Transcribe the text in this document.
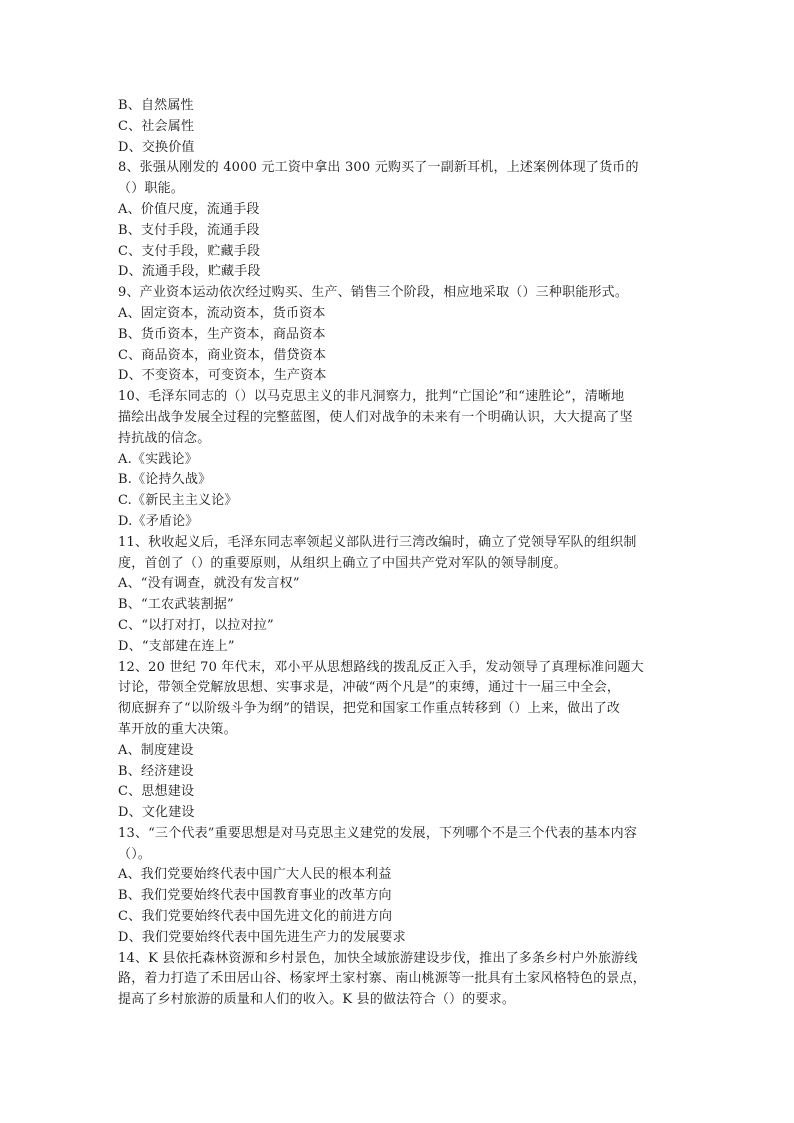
B、自然属性
C、社会属性
D、交换价值
8、张强从刚发的 4000 元工资中拿出 300 元购买了一副新耳机，上述案例体现了货币的
（）职能。
A、价值尺度，流通手段
B、支付手段，流通手段
C、支付手段，贮藏手段
D、流通手段，贮藏手段
9、产业资本运动依次经过购买、生产、销售三个阶段，相应地采取（）三种职能形式。
A、固定资本，流动资本，货币资本
B、货币资本，生产资本，商品资本
C、商品资本，商业资本，借贷资本
D、不变资本，可变资本，生产资本
10、毛泽东同志的（）以马克思主义的非凡洞察力，批判“亡国论”和“速胜论”，清晰地
描绘出战争发展全过程的完整蓝图，使人们对战争的未来有一个明确认识，大大提高了坚
持抗战的信念。
A.《实践论》
B.《论持久战》
C.《新民主主义论》
D.《矛盾论》
11、秋收起义后，毛泽东同志率领起义部队进行三湾改编时，确立了党领导军队的组织制
度，首创了（）的重要原则，从组织上确立了中国共产党对军队的领导制度。
A、“没有调查，就没有发言权”
B、“工农武装割据”
C、“以打对打，以拉对拉”
D、“支部建在连上”
12、20 世纪 70 年代末，邓小平从思想路线的拨乱反正入手，发动领导了真理标准问题大
讨论，带领全党解放思想、实事求是，冲破“两个凡是”的束缚，通过十一届三中全会，
彻底摒弃了“以阶级斗争为纲”的错误，把党和国家工作重点转移到（）上来，做出了改
革开放的重大决策。
A、制度建设
B、经济建设
C、思想建设
D、文化建设
13、“三个代表”重要思想是对马克思主义建党的发展，下列哪个不是三个代表的基本内容
（）。
A、我们党要始终代表中国广大人民的根本利益
B、我们党要始终代表中国教育事业的改革方向
C、我们党要始终代表中国先进文化的前进方向
D、我们党要始终代表中国先进生产力的发展要求
14、K 县依托森林资源和乡村景色，加快全域旅游建设步伐，推出了多条乡村户外旅游线
路，着力打造了禾田居山谷、杨家坪土家村寨、南山桃源等一批具有土家风格特色的景点，
提高了乡村旅游的质量和人们的收入。K 县的做法符合（）的要求。
